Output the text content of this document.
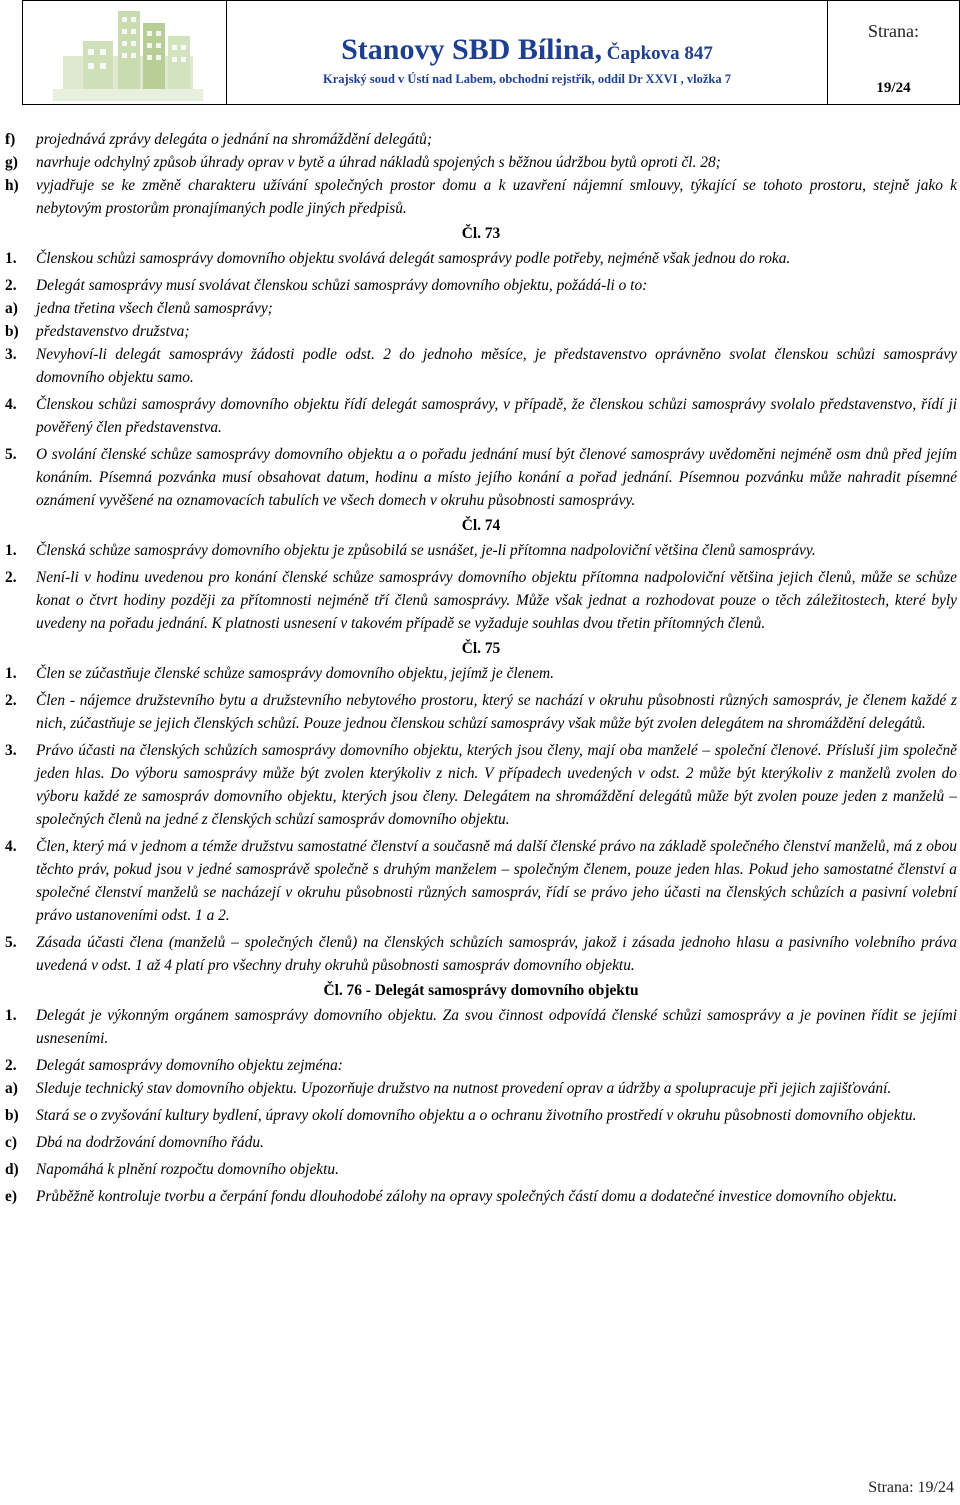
Stanovy SBD Bílina, Čapkova 847
Krajský soud v Ústí nad Labem, obchodní rejstřík, oddíl Dr XXVI , vložka 7
Strana:
19/24
f)	projednává zprávy delegáta o jednání na shromáždění delegátů;
g)	navrhuje odchylný způsob úhrady oprav v bytě a úhrad nákladů spojených s běžnou údržbou bytů oproti čl. 28;
h)	vyjadřuje se ke změně charakteru užívání společných prostor domu a k uzavření nájemní smlouvy, týkající se tohoto prostoru, stejně jako k nebytovým prostorům pronajímaných podle jiných předpisů.
Čl. 73
1.	Členskou schůzi samosprávy domovního objektu svolává delegát samosprávy podle potřeby, nejméně však jednou do roka.
2.	Delegát samosprávy musí svolávat členskou schůzi samosprávy domovního objektu, požádá-li o to:
a)	jedna třetina všech členů samosprávy;
b)	představenstvo družstva;
3.	Nevyhoví-li delegát samosprávy žádosti podle odst. 2 do jednoho měsíce, je představenstvo oprávněno svolat členskou schůzi samosprávy domovního objektu samo.
4.	Členskou schůzi samosprávy domovního objektu řídí delegát samosprávy, v případě, že členskou schůzi samosprávy svolalo představenstvo, řídí ji pověřený člen představenstva.
5.	O svolání členské schůze samosprávy domovního objektu a o pořadu jednání musí být členové samosprávy uvědoměni nejméně osm dnů před jejím konáním. Písemná pozvánka musí obsahovat datum, hodinu a místo jejího konání a pořad jednání. Písemnou pozvánku může nahradit písemné oznámení vyvěšené na oznamovacích tabulích ve všech domech v okruhu působnosti samosprávy.
Čl. 74
1.	Členská schůze samosprávy domovního objektu je způsobilá se usnášet, je-li přítomna nadpoloviční většina členů samosprávy.
2.	Není-li v hodinu uvedenou pro konání členské schůze samosprávy domovního objektu přítomna nadpoloviční většina jejich členů, může se schůze konat o čtvrt hodiny později za přítomnosti nejméně tří členů samosprávy. Může však jednat a rozhodovat pouze o těch záležitostech, které byly uvedeny na pořadu jednání. K platnosti usnesení v takovém případě se vyžaduje souhlas dvou třetin přítomných členů.
Čl. 75
1.	Člen se zúčastňuje členské schůze samosprávy domovního objektu, jejímž je členem.
2.	Člen - nájemce družstevního bytu a družstevního nebytového prostoru, který se nachází v okruhu působnosti různých samospráv, je členem každé z nich, zúčastňuje se jejich členských schůzí. Pouze jednou členskou schůzí samosprávy však může být zvolen delegátem na shromáždění delegátů.
3.	Právo účasti na členských schůzích samosprávy domovního objektu, kterých jsou členy, mají oba manželé – společní členové. Přísluší jim společně jeden hlas. Do výboru samosprávy může být zvolen kterýkoliv z nich. V případech uvedených v odst. 2 může být kterýkoliv z manželů zvolen do výboru každé ze samospráv domovního objektu, kterých jsou členy. Delegátem na shromáždění delegátů může být zvolen pouze jeden z manželů – společných členů na jedné z členských schůzí samospráv domovního objektu.
4.	Člen, který má v jednom a témže družstvu samostatné členství a současně má další členské právo na základě společného členství manželů, má z obou těchto práv, pokud jsou v jedné samosprávě společně s druhým manželem – společným členem, pouze jeden hlas. Pokud jeho samostatné členství a společné členství manželů se nacházejí v okruhu působnosti různých samospráv, řídí se právo jeho účasti na členských schůzích a pasivní volební právo ustanoveními odst. 1 a 2.
5.	Zásada účasti člena (manželů – společných členů) na členských schůzích samospráv, jakož i zásada jednoho hlasu a pasivního volebního práva uvedená v odst. 1 až 4 platí pro všechny druhy okruhů působnosti samospráv domovního objektu.
Čl. 76 - Delegát samosprávy domovního objektu
1.	Delegát je výkonným orgánem samosprávy domovního objektu. Za svou činnost odpovídá členské schůzi samosprávy a je povinen řídit se jejími usneseními.
2.	Delegát samosprávy domovního objektu zejména:
a)	Sleduje technický stav domovního objektu. Upozorňuje družstvo na nutnost provedení oprav a údržby a spolupracuje při jejich zajišťování.
b)	Stará se o zvyšování kultury bydlení, úpravy okolí domovního objektu a o ochranu životního prostředí v okruhu působnosti domovního objektu.
c)	Dbá na dodržování domovního řádu.
d)	Napomáhá k plnění rozpočtu domovního objektu.
e)	Průběžně kontroluje tvorbu a čerpání fondu dlouhodobé zálohy na opravy společných částí domu a dodatečné investice domovního objektu.
Strana: 19/24
